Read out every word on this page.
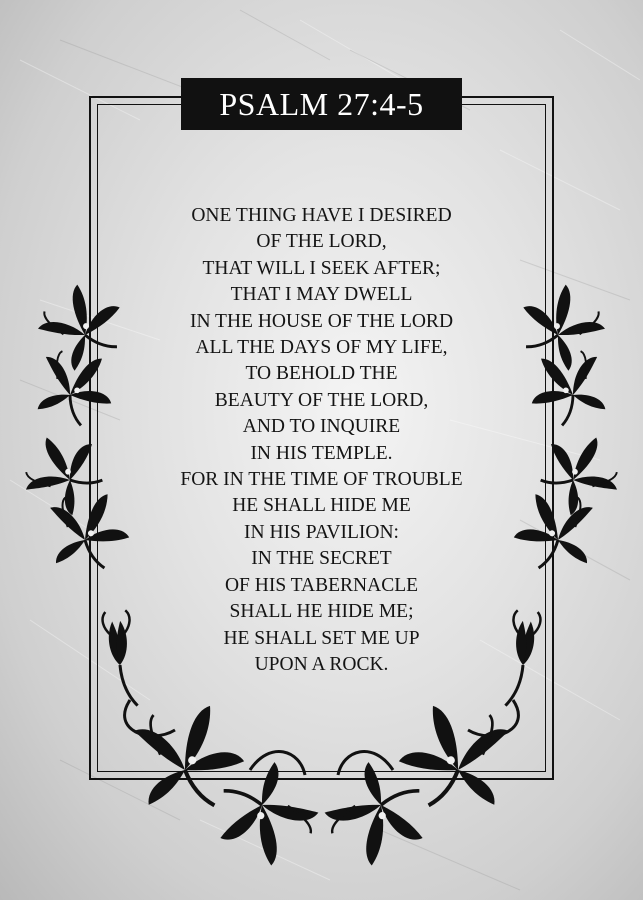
PSALM 27:4-5
ONE THING HAVE I DESIRED
OF THE LORD,
THAT WILL I SEEK AFTER;
THAT I MAY DWELL
IN THE HOUSE OF THE LORD
ALL THE DAYS OF MY LIFE,
TO BEHOLD THE
BEAUTY OF THE LORD,
AND TO INQUIRE
IN HIS TEMPLE.
FOR IN THE TIME OF TROUBLE
HE SHALL HIDE ME
IN HIS PAVILION:
IN THE SECRET
OF HIS TABERNACLE
SHALL HE HIDE ME;
HE SHALL SET ME UP
UPON A ROCK.
